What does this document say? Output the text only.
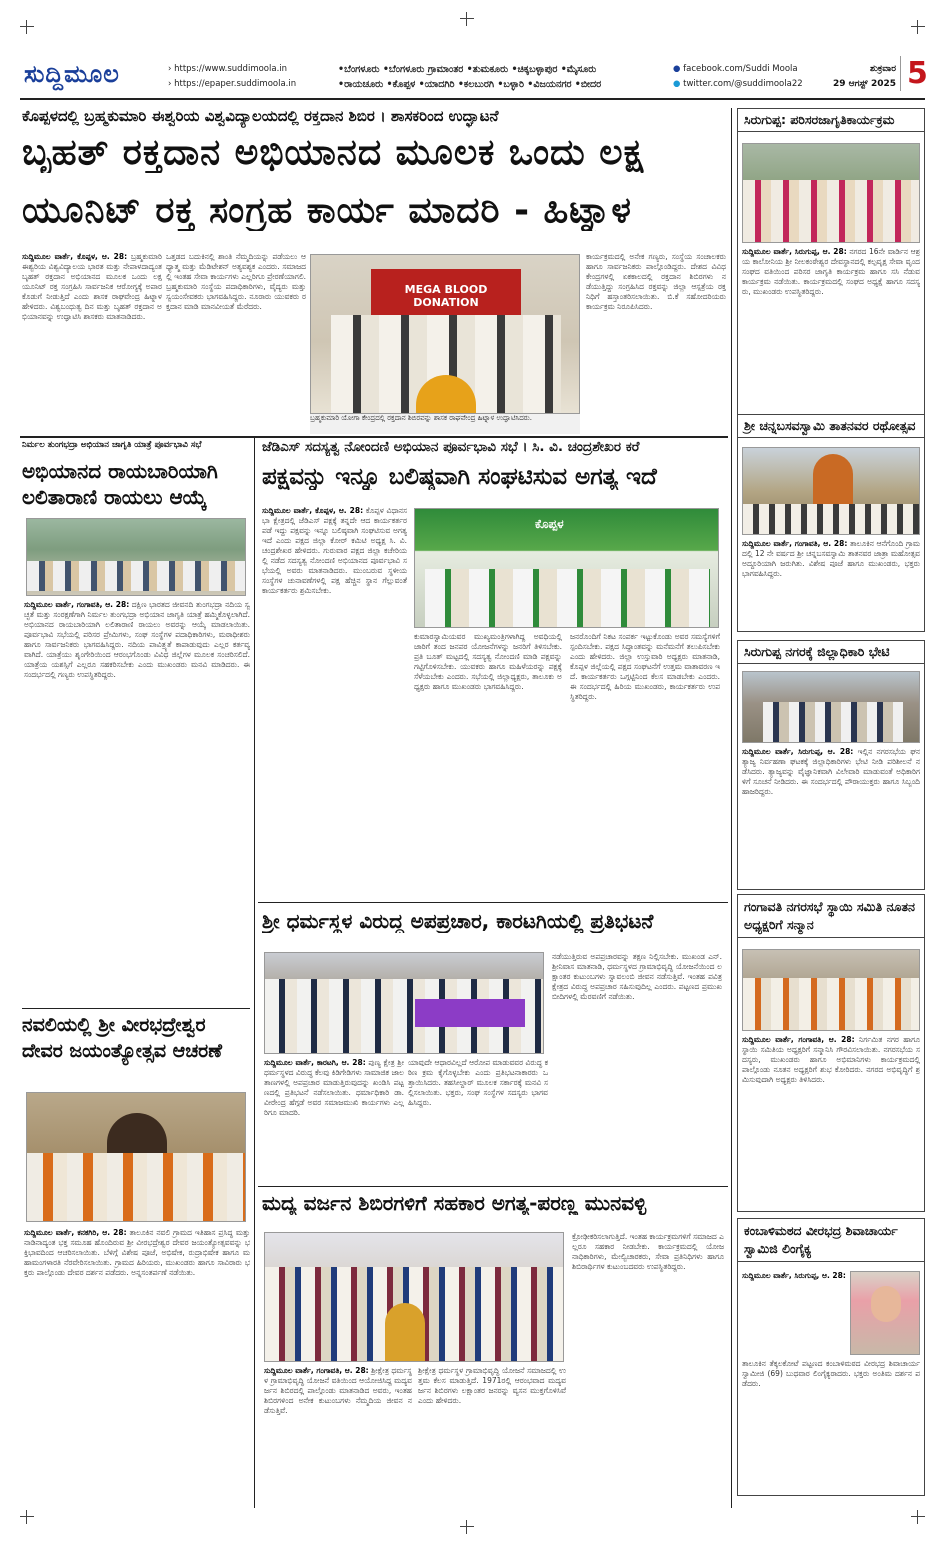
ಸುದ್ದಿಮೂಲ	› https://www.suddimoola.in
› https://epaper.suddimoola.in
•ಬೆಂಗಳೂರು •ಬೆಂಗಳೂರು ಗ್ರಾಮಾಂತರ •ತುಮಕೂರು •ಚಿಕ್ಕಬಳ್ಳಾಪುರ •ಮೈಸೂರು
•ರಾಯಚೂರು •ಕೊಪ್ಪಳ •ಯಾದಗಿರಿ •ಕಲಬುರಗಿ •ಬಳ್ಳಾರಿ •ವಿಜಯನಗರ •ಬೀದರ
● facebook.com/Suddi Moola
● twitter.com/@suddimoola22
ಶುಕ್ರವಾರ
29 ಆಗಸ್ಟ್ 2025 5
ಕೊಪ್ಪಳದಲ್ಲಿ ಬ್ರಹ್ಮಕುಮಾರಿ ಈಶ್ವರಿಯ ವಿಶ್ವವಿದ್ಯಾಲಯದಲ್ಲಿ ರಕ್ತದಾನ ಶಿಬಿರ । ಶಾಸಕರಿಂದ ಉದ್ಘಾಟನೆ
ಬೃಹತ್ ರಕ್ತದಾನ ಅಭಿಯಾನದ ಮೂಲಕ ಒಂದು ಲಕ್ಷ
ಯೂನಿಟ್ ರಕ್ತ ಸಂಗ್ರಹ ಕಾರ್ಯ ಮಾದರಿ - ಹಿಟ್ನಾಳ
ಸುದ್ದಿಮೂಲ ವಾರ್ತೆ, ಕೊಪ್ಪಳ, ಆ. 28: ಬ್ರಹ್ಮಕುಮಾರಿ ಈಶ್ವರಿಯ ವಿಶ್ವವಿದ್ಯಾಲಯ ಭಾರತ ಮತ್ತು ನೇಪಾಳದಾದ್ಯಂತ ಬೃಹತ್ ರಕ್ತದಾನ ಅಭಿಯಾನದ ಮೂಲಕ ಒಂದು ಲಕ್ಷ ಯೂನಿಟ್ ರಕ್ತ ಸಂಗ್ರಹಿಸಿ ಸಾರ್ವಜನಿಕ ಆರೋಗ್ಯಕ್ಕೆ ಅಪಾರ ಕೊಡುಗೆ ನೀಡುತ್ತಿದೆ ಎಂದು ಶಾಸಕ ರಾಘವೇಂದ್ರ ಹಿಟ್ನಾಳ ಹೇಳಿದರು. ವಿಶ್ವಬಂಧುತ್ವ ದಿನ ಮತ್ತು ಬೃಹತ್ ರಕ್ತದಾನ ಅಭಿಯಾನವನ್ನು ಉದ್ಘಾಟಿಸಿ ಶಾಸಕರು ಮಾತನಾಡಿದರು.
ಒತ್ತಡದ ಬದುಕಿನಲ್ಲಿ ಶಾಂತಿ ನೆಮ್ಮದಿಯನ್ನು ಪಡೆಯಲು ಆಧ್ಯಾತ್ಮ ಮತ್ತು ಮೆಡಿಟೇಶನ್ ಅತ್ಯವಶ್ಯಕ ಎಂದರು. ಸಮಾಜದಲ್ಲಿ ಇಂತಹ ಸೇವಾ ಕಾರ್ಯಗಳು ಎಲ್ಲರಿಗೂ ಪ್ರೇರಣೆಯಾಗಲಿ. ಬ್ರಹ್ಮಕುಮಾರಿ ಸಂಸ್ಥೆಯ ಪದಾಧಿಕಾರಿಗಳು, ವೈದ್ಯರು ಮತ್ತು ಸ್ವಯಂಸೇವಕರು ಭಾಗವಹಿಸಿದ್ದರು. ನೂರಾರು ಯುವಕರು ರಕ್ತದಾನ ಮಾಡಿ ಮಾನವೀಯತೆ ಮೆರೆದರು.
MEGA BLOOD DONATION
ಬ್ರಹ್ಮಕುಮಾರಿ ಯೋಗಾ ಕೇಂದ್ರದಲ್ಲಿ ರಕ್ತದಾನ ಶಿಬಿರವನ್ನು ಶಾಸಕ ರಾಘವೇಂದ್ರ ಹಿಟ್ನಾಳ ಉದ್ಘಾಟಿಸಿದರು.
ಕಾರ್ಯಕ್ರಮದಲ್ಲಿ ಅನೇಕ ಗಣ್ಯರು, ಸಂಸ್ಥೆಯ ಸಂಚಾಲಕರು ಹಾಗೂ ಸಾರ್ವಜನಿಕರು ಪಾಲ್ಗೊಂಡಿದ್ದರು. ದೇಶದ ವಿವಿಧ ಕೇಂದ್ರಗಳಲ್ಲಿ ಏಕಕಾಲದಲ್ಲಿ ರಕ್ತದಾನ ಶಿಬಿರಗಳು ನಡೆಯುತ್ತಿದ್ದು ಸಂಗ್ರಹಿಸಿದ ರಕ್ತವನ್ನು ಜಿಲ್ಲಾ ಆಸ್ಪತ್ರೆಯ ರಕ್ತನಿಧಿಗೆ ಹಸ್ತಾಂತರಿಸಲಾಯಿತು. ಬಿ.ಕೆ ಸಹೋದರಿಯರು ಕಾರ್ಯಕ್ರಮ ನಿರೂಪಿಸಿದರು.
ನಿರ್ಮಲ ತುಂಗಭದ್ರಾ ಅಭಿಯಾನ ಜಾಗೃತಿ ಯಾತ್ರೆ ಪೂರ್ವಭಾವಿ ಸಭೆ
ಅಭಿಯಾನದ ರಾಯಬಾರಿಯಾಗಿ ಲಲಿತಾರಾಣಿ ರಾಯಲು ಆಯ್ಕೆ
ಸುದ್ದಿಮೂಲ ವಾರ್ತೆ, ಗಂಗಾವತಿ, ಆ. 28: ದಕ್ಷಿಣ ಭಾರತದ ಜೀವನದಿ ತುಂಗಭದ್ರಾ ನದಿಯ ಸ್ವಚ್ಛತೆ ಮತ್ತು ಸಂರಕ್ಷಣೆಗಾಗಿ ನಿರ್ಮಲ ತುಂಗಭದ್ರಾ ಅಭಿಯಾನ ಜಾಗೃತಿ ಯಾತ್ರೆ ಹಮ್ಮಿಕೊಳ್ಳಲಾಗಿದೆ. ಅಭಿಯಾನದ ರಾಯಬಾರಿಯಾಗಿ ಲಲಿತಾರಾಣಿ ರಾಯಲು ಅವರನ್ನು ಆಯ್ಕೆ ಮಾಡಲಾಯಿತು. ಪೂರ್ವಭಾವಿ ಸಭೆಯಲ್ಲಿ ಪರಿಸರ ಪ್ರೇಮಿಗಳು, ಸಂಘ ಸಂಸ್ಥೆಗಳ ಪದಾಧಿಕಾರಿಗಳು, ಮಠಾಧೀಶರು ಹಾಗೂ ಸಾರ್ವಜನಿಕರು ಭಾಗವಹಿಸಿದ್ದರು. ನದಿಯ ಪಾವಿತ್ರ್ಯತೆ ಕಾಪಾಡುವುದು ಎಲ್ಲರ ಕರ್ತವ್ಯವಾಗಿದೆ. ಯಾತ್ರೆಯು ಶೃಂಗೇರಿಯಿಂದ ಆರಂಭಗೊಂಡು ವಿವಿಧ ಜಿಲ್ಲೆಗಳ ಮೂಲಕ ಸಂಚರಿಸಲಿದೆ. ಯಾತ್ರೆಯ ಯಶಸ್ಸಿಗೆ ಎಲ್ಲರೂ ಸಹಕರಿಸಬೇಕು ಎಂದು ಮುಖಂಡರು ಮನವಿ ಮಾಡಿದರು. ಈ ಸಂದರ್ಭದಲ್ಲಿ ಗಣ್ಯರು ಉಪಸ್ಥಿತರಿದ್ದರು.
ನವಲಿಯಲ್ಲಿ ಶ್ರೀ ವೀರಭದ್ರೇಶ್ವರ ದೇವರ ಜಯಂತ್ಯೋತ್ಸವ ಆಚರಣೆ
ಸುದ್ದಿಮೂಲ ವಾರ್ತೆ, ಕನಕಗಿರಿ, ಆ. 28: ತಾಲೂಕಿನ ನವಲಿ ಗ್ರಾಮದ ಇತಿಹಾಸ ಪ್ರಸಿದ್ಧ ಮತ್ತು ನಾಡಿನಾದ್ಯಂತ ಭಕ್ತ ಸಮೂಹ ಹೊಂದಿರುವ ಶ್ರೀ ವೀರಭದ್ರೇಶ್ವರ ದೇವರ ಜಯಂತ್ಯೋತ್ಸವವನ್ನು ಭಕ್ತಿಭಾವದಿಂದ ಆಚರಿಸಲಾಯಿತು. ಬೆಳಿಗ್ಗೆ ವಿಶೇಷ ಪೂಜೆ, ಅಭಿಷೇಕ, ರುದ್ರಾಭಿಷೇಕ ಹಾಗೂ ಮಹಾಮಂಗಳಾರತಿ ನೆರವೇರಿಸಲಾಯಿತು. ಗ್ರಾಮದ ಹಿರಿಯರು, ಮುಖಂಡರು ಹಾಗೂ ಸಾವಿರಾರು ಭಕ್ತರು ಪಾಲ್ಗೊಂಡು ದೇವರ ದರ್ಶನ ಪಡೆದರು. ಅನ್ನಸಂತರ್ಪಣೆ ನಡೆಯಿತು.
ಜೆಡಿಎಸ್ ಸದಸ್ಯತ್ವ ನೋಂದಣಿ ಅಭಿಯಾನ ಪೂರ್ವಭಾವಿ ಸಭೆ । ಸಿ. ವಿ. ಚಂದ್ರಶೇಖರ ಕರೆ
ಪಕ್ಷವನ್ನು ಇನ್ನೂ ಬಲಿಷ್ಠವಾಗಿ ಸಂಘಟಿಸುವ ಅಗತ್ಯ ಇದೆ
ಸುದ್ದಿಮೂಲ ವಾರ್ತೆ, ಕೊಪ್ಪಳ, ಆ. 28: ಕೊಪ್ಪಳ ವಿಧಾನಸಭಾ ಕ್ಷೇತ್ರದಲ್ಲಿ ಜೆಡಿಎಸ್ ಪಕ್ಷಕ್ಕೆ ತನ್ನದೇ ಆದ ಕಾರ್ಯಕರ್ತರ ಪಡೆ ಇದ್ದು ಪಕ್ಷವನ್ನು ಇನ್ನೂ ಬಲಿಷ್ಠವಾಗಿ ಸಂಘಟಿಸುವ ಅಗತ್ಯ ಇದೆ ಎಂದು ಪಕ್ಷದ ಜಿಲ್ಲಾ ಕೋರ್ ಕಮಿಟಿ ಅಧ್ಯಕ್ಷ ಸಿ. ವಿ. ಚಂದ್ರಶೇಖರ ಹೇಳಿದರು. ಗುರುವಾರ ಪಕ್ಷದ ಜಿಲ್ಲಾ ಕಚೇರಿಯಲ್ಲಿ ನಡೆದ ಸದಸ್ಯತ್ವ ನೋಂದಣಿ ಅಭಿಯಾನದ ಪೂರ್ವಭಾವಿ ಸಭೆಯಲ್ಲಿ ಅವರು ಮಾತನಾಡಿದರು. ಮುಂಬರುವ ಸ್ಥಳೀಯ ಸಂಸ್ಥೆಗಳ ಚುನಾವಣೆಗಳಲ್ಲಿ ಪಕ್ಷ ಹೆಚ್ಚಿನ ಸ್ಥಾನ ಗೆಲ್ಲುವಂತೆ ಕಾರ್ಯಕರ್ತರು ಶ್ರಮಿಸಬೇಕು.
ಕೊಪ್ಪಳ
ಕುಮಾರಸ್ವಾಮಿಯವರ ಮುಖ್ಯಮಂತ್ರಿಗಳಾಗಿದ್ದ ಅವಧಿಯಲ್ಲಿ ಜಾರಿಗೆ ತಂದ ಜನಪರ ಯೋಜನೆಗಳನ್ನು ಜನರಿಗೆ ತಿಳಿಸಬೇಕು. ಪ್ರತಿ ಬೂತ್ ಮಟ್ಟದಲ್ಲಿ ಸದಸ್ಯತ್ವ ನೋಂದಣಿ ಮಾಡಿ ಪಕ್ಷವನ್ನು ಗಟ್ಟಿಗೊಳಿಸಬೇಕು. ಯುವಕರು ಹಾಗೂ ಮಹಿಳೆಯರನ್ನು ಪಕ್ಷಕ್ಕೆ ಸೆಳೆಯಬೇಕು ಎಂದರು. ಸಭೆಯಲ್ಲಿ ಜಿಲ್ಲಾಧ್ಯಕ್ಷರು, ತಾಲೂಕು ಅಧ್ಯಕ್ಷರು ಹಾಗೂ ಮುಖಂಡರು ಭಾಗವಹಿಸಿದ್ದರು.
ಜನರೊಂದಿಗೆ ನಿಕಟ ಸಂಪರ್ಕ ಇಟ್ಟುಕೊಂಡು ಅವರ ಸಮಸ್ಯೆಗಳಿಗೆ ಸ್ಪಂದಿಸಬೇಕು. ಪಕ್ಷದ ಸಿದ್ಧಾಂತವನ್ನು ಮನೆಮನೆಗೆ ತಲುಪಿಸಬೇಕು ಎಂದು ಹೇಳಿದರು. ಜಿಲ್ಲಾ ಉಸ್ತುವಾರಿ ಅಧ್ಯಕ್ಷರು ಮಾತನಾಡಿ, ಕೊಪ್ಪಳ ಜಿಲ್ಲೆಯಲ್ಲಿ ಪಕ್ಷದ ಸಂಘಟನೆಗೆ ಉತ್ತಮ ವಾತಾವರಣ ಇದೆ. ಕಾರ್ಯಕರ್ತರು ಒಗ್ಗಟ್ಟಿನಿಂದ ಕೆಲಸ ಮಾಡಬೇಕು ಎಂದರು. ಈ ಸಂದರ್ಭದಲ್ಲಿ ಹಿರಿಯ ಮುಖಂಡರು, ಕಾರ್ಯಕರ್ತರು ಉಪಸ್ಥಿತರಿದ್ದರು.
ಶ್ರೀ ಧರ್ಮಸ್ಥಳ ವಿರುದ್ಧ ಅಪಪ್ರಚಾರ, ಕಾರಟಗಿಯಲ್ಲಿ ಪ್ರತಿಭಟನೆ
ಸುದ್ದಿಮೂಲ ವಾರ್ತೆ, ಕಾರಟಗಿ, ಆ. 28: ಪುಣ್ಯ ಕ್ಷೇತ್ರ ಶ್ರೀ ಧರ್ಮಸ್ಥಳದ ವಿರುದ್ಧ ಕೆಲವು ಕಿಡಿಗೇಡಿಗಳು ಸಾಮಾಜಿಕ ಜಾಲತಾಣಗಳಲ್ಲಿ ಅಪಪ್ರಚಾರ ಮಾಡುತ್ತಿರುವುದನ್ನು ಖಂಡಿಸಿ ಪಟ್ಟಣದಲ್ಲಿ ಪ್ರತಿಭಟನೆ ನಡೆಸಲಾಯಿತು. ಧರ್ಮಾಧಿಕಾರಿ ಡಾ. ವೀರೇಂದ್ರ ಹೆಗ್ಗಡೆ ಅವರ ಸಮಾಜಮುಖಿ ಕಾರ್ಯಗಳು ಎಲ್ಲರಿಗೂ ಮಾದರಿ.
ಯಾವುದೇ ಆಧಾರವಿಲ್ಲದೆ ಆರೋಪ ಮಾಡುವವರ ವಿರುದ್ಧ ಕಠಿಣ ಕ್ರಮ ಕೈಗೊಳ್ಳಬೇಕು ಎಂದು ಪ್ರತಿಭಟನಾಕಾರರು ಒತ್ತಾಯಿಸಿದರು. ತಹಸೀಲ್ದಾರ್ ಮೂಲಕ ಸರ್ಕಾರಕ್ಕೆ ಮನವಿ ಸಲ್ಲಿಸಲಾಯಿತು. ಭಕ್ತರು, ಸಂಘ ಸಂಸ್ಥೆಗಳ ಸದಸ್ಯರು ಭಾಗವಹಿಸಿದ್ದರು.
ನಡೆಯುತ್ತಿರುವ ಅಪಪ್ರಚಾರವನ್ನು ತಕ್ಷಣ ನಿಲ್ಲಿಸಬೇಕು. ಮುಖಂಡ ಎನ್.ಶ್ರೀನಿವಾಸ ಮಾತನಾಡಿ, ಧರ್ಮಸ್ಥಳದ ಗ್ರಾಮಾಭಿವೃದ್ಧಿ ಯೋಜನೆಯಿಂದ ಲಕ್ಷಾಂತರ ಕುಟುಂಬಗಳು ಸ್ವಾವಲಂಬಿ ಜೀವನ ನಡೆಸುತ್ತಿವೆ. ಇಂತಹ ಪವಿತ್ರ ಕ್ಷೇತ್ರದ ವಿರುದ್ಧ ಅಪಪ್ರಚಾರ ಸಹಿಸುವುದಿಲ್ಲ ಎಂದರು. ಪಟ್ಟಣದ ಪ್ರಮುಖ ಬೀದಿಗಳಲ್ಲಿ ಮೆರವಣಿಗೆ ನಡೆಯಿತು.
ಮದ್ಯ ವರ್ಜನ ಶಿಬಿರಗಳಿಗೆ ಸಹಕಾರ ಅಗತ್ಯ-ಪರಣ್ಣ ಮುನವಳ್ಳಿ
ಸುದ್ದಿಮೂಲ ವಾರ್ತೆ, ಗಂಗಾವತಿ, ಆ. 28: ಶ್ರೀಕ್ಷೇತ್ರ ಧರ್ಮಸ್ಥಳ ಗ್ರಾಮಾಭಿವೃದ್ಧಿ ಯೋಜನೆ ವತಿಯಿಂದ ಆಯೋಜಿಸಿದ್ದ ಮದ್ಯವರ್ಜನ ಶಿಬಿರದಲ್ಲಿ ಪಾಲ್ಗೊಂಡು ಮಾತನಾಡಿದ ಅವರು, ಇಂತಹ ಶಿಬಿರಗಳಿಂದ ಅನೇಕ ಕುಟುಂಬಗಳು ನೆಮ್ಮದಿಯ ಜೀವನ ನಡೆಸುತ್ತಿವೆ.
ಶ್ರೀಕ್ಷೇತ್ರ ಧರ್ಮಸ್ಥಳ ಗ್ರಾಮಾಭಿವೃದ್ಧಿ ಯೋಜನೆ ಸಮಾಜದಲ್ಲಿ ಉತ್ತಮ ಕೆಲಸ ಮಾಡುತ್ತಿದೆ. 1971ರಲ್ಲಿ ಆರಂಭವಾದ ಮದ್ಯವರ್ಜನ ಶಿಬಿರಗಳು ಲಕ್ಷಾಂತರ ಜನರನ್ನು ವ್ಯಸನ ಮುಕ್ತಗೊಳಿಸಿವೆ ಎಂದು ಹೇಳಿದರು.
ಕ್ರೋಢೀಕರಿಸಲಾಗುತ್ತಿದೆ. ಇಂತಹ ಕಾರ್ಯಕ್ರಮಗಳಿಗೆ ಸಮಾಜದ ಎಲ್ಲರೂ ಸಹಕಾರ ನೀಡಬೇಕು. ಕಾರ್ಯಕ್ರಮದಲ್ಲಿ ಯೋಜನಾಧಿಕಾರಿಗಳು, ಮೇಲ್ವಿಚಾರಕರು, ಸೇವಾ ಪ್ರತಿನಿಧಿಗಳು ಹಾಗೂ ಶಿಬಿರಾರ್ಥಿಗಳ ಕುಟುಂಬದವರು ಉಪಸ್ಥಿತರಿದ್ದರು.
ಸಿರುಗುಪ್ಪ: ಪರಿಸರಜಾಗೃತಿಕಾರ್ಯಕ್ರಮ
ಸುದ್ದಿಮೂಲ ವಾರ್ತೆ, ಸಿರುಗುಪ್ಪ, ಆ. 28: ನಗರದ 16ನೇ ವಾರ್ಡಿನ ಆಶ್ರಯ ಕಾಲೋನಿಯ ಶ್ರೀ ನೀಲಕಂಠೇಶ್ವರ ದೇವಸ್ಥಾನದಲ್ಲಿ ಕಲ್ಪವೃಕ್ಷ ಸೇವಾ ವೃಂದ ಸಂಘದ ವತಿಯಿಂದ ಪರಿಸರ ಜಾಗೃತಿ ಕಾರ್ಯಕ್ರಮ ಹಾಗೂ ಸಸಿ ನೆಡುವ ಕಾರ್ಯಕ್ರಮ ನಡೆಯಿತು. ಕಾರ್ಯಕ್ರಮದಲ್ಲಿ ಸಂಘದ ಅಧ್ಯಕ್ಷೆ ಹಾಗೂ ಸದಸ್ಯರು, ಮುಖಂಡರು ಉಪಸ್ಥಿತರಿದ್ದರು.
ಶ್ರೀ ಚನ್ನಬಸವಸ್ವಾಮಿ ತಾತನವರ ರಥೋತ್ಸವ
ಸುದ್ದಿಮೂಲ ವಾರ್ತೆ, ಗಂಗಾವತಿ, ಆ. 28: ತಾಲೂಕಿನ ಆನೆಗೊಂದಿ ಗ್ರಾಮದಲ್ಲಿ 12 ನೇ ವರ್ಷದ ಶ್ರೀ ಚನ್ನಬಸವಸ್ವಾಮಿ ತಾತನವರ ಜಾತ್ರಾ ಮಹೋತ್ಸವ ಅದ್ದೂರಿಯಾಗಿ ಜರುಗಿತು. ವಿಶೇಷ ಪೂಜೆ ಹಾಗೂ ಮುಖಂಡರು, ಭಕ್ತರು ಭಾಗವಹಿಸಿದ್ದರು.
ಸಿರುಗುಪ್ಪ ನಗರಕ್ಕೆ ಜಿಲ್ಲಾಧಿಕಾರಿ ಭೇಟಿ
ಸುದ್ದಿಮೂಲ ವಾರ್ತೆ, ಸಿರುಗುಪ್ಪ, ಆ. 28: ಇಲ್ಲಿನ ನಗರಸಭೆಯ ಘನ ತ್ಯಾಜ್ಯ ನಿರ್ವಹಣಾ ಘಟಕಕ್ಕೆ ಜಿಲ್ಲಾಧಿಕಾರಿಗಳು ಭೇಟಿ ನೀಡಿ ಪರಿಶೀಲನೆ ನಡೆಸಿದರು. ತ್ಯಾಜ್ಯವನ್ನು ವೈಜ್ಞಾನಿಕವಾಗಿ ವಿಲೇವಾರಿ ಮಾಡುವಂತೆ ಅಧಿಕಾರಿಗಳಿಗೆ ಸೂಚನೆ ನೀಡಿದರು. ಈ ಸಂದರ್ಭದಲ್ಲಿ ಪೌರಾಯುಕ್ತರು ಹಾಗೂ ಸಿಬ್ಬಂದಿ ಹಾಜರಿದ್ದರು.
ಗಂಗಾವತಿ ನಗರಸಭೆ ಸ್ಥಾಯಿ ಸಮಿತಿ ನೂತನ ಅಧ್ಯಕ್ಷರಿಗೆ ಸನ್ಮಾನ
ಸುದ್ದಿಮೂಲ ವಾರ್ತೆ, ಗಂಗಾವತಿ, ಆ. 28: ನಿರ್ಗಮಿತ ನಗರ ಹಾಗೂ ಸ್ಥಾಯಿ ಸಮಿತಿಯ ಅಧ್ಯಕ್ಷರಿಗೆ ಸನ್ಮಾನಿಸಿ ಗೌರವಿಸಲಾಯಿತು. ನಗರಸಭೆಯ ಸದಸ್ಯರು, ಮುಖಂಡರು ಹಾಗೂ ಅಭಿಮಾನಿಗಳು ಕಾರ್ಯಕ್ರಮದಲ್ಲಿ ಪಾಲ್ಗೊಂಡು ನೂತನ ಅಧ್ಯಕ್ಷರಿಗೆ ಶುಭ ಕೋರಿದರು. ನಗರದ ಅಭಿವೃದ್ಧಿಗೆ ಶ್ರಮಿಸುವುದಾಗಿ ಅಧ್ಯಕ್ಷರು ತಿಳಿಸಿದರು.
ಕಂಬಾಳಿಮಠದ ವೀರಭದ್ರ ಶಿವಾಚಾರ್ಯ ಸ್ವಾಮಿಜಿ ಲಿಂಗೈಕ್ಯ
ಸುದ್ದಿಮೂಲ ವಾರ್ತೆ, ಸಿರುಗುಪ್ಪ, ಆ. 28:
ತಾಲೂಕಿನ ತೆಕ್ಕಲಕೋಟೆ ಪಟ್ಟಣದ ಕಂಬಾಳಿಮಠದ ವೀರಭದ್ರ ಶಿವಾಚಾರ್ಯ ಸ್ವಾಮೀಜಿ (69) ಬುಧವಾರ ಲಿಂಗೈಕ್ಯರಾದರು. ಭಕ್ತರು ಅಂತಿಮ ದರ್ಶನ ಪಡೆದರು.
